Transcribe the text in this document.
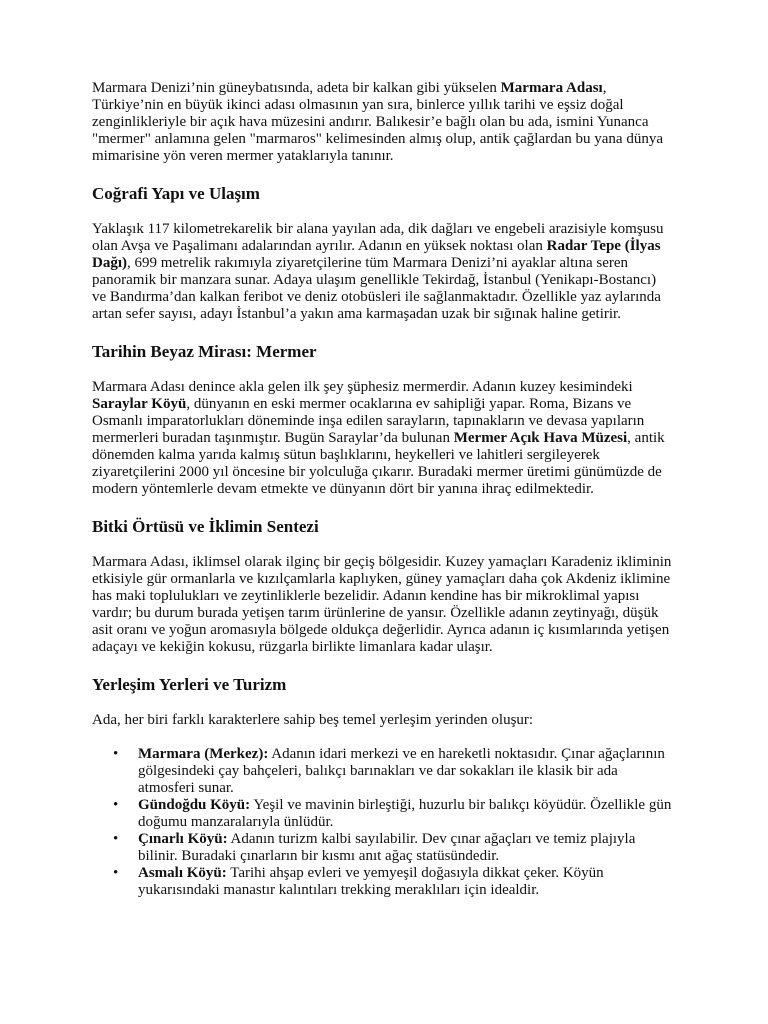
Marmara Denizi’nin güneybatısında, adeta bir kalkan gibi yükselen Marmara Adası, Türkiye’nin en büyük ikinci adası olmasının yan sıra, binlerce yıllık tarihi ve eşsiz doğal zenginlikleriyle bir açık hava müzesini andırır. Balıkesir’e bağlı olan bu ada, ismini Yunanca "mermer" anlamına gelen "marmaros" kelimesinden almış olup, antik çağlardan bu yana dünya mimarisine yön veren mermer yataklarıyla tanınır.

Coğrafi Yapı ve Ulaşım

Yaklaşık 117 kilometrekarelik bir alana yayılan ada, dik dağları ve engebeli arazisiyle komşusu olan Avşa ve Paşalimanı adalarından ayrılır. Adanın en yüksek noktası olan Radar Tepe (İlyas Dağı), 699 metrelik rakımıyla ziyaretçilerine tüm Marmara Denizi’ni ayaklar altına seren panoramik bir manzara sunar. Adaya ulaşım genellikle Tekirdağ, İstanbul (Yenikapı-Bostancı) ve Bandırma’dan kalkan feribot ve deniz otobüsleri ile sağlanmaktadır. Özellikle yaz aylarında artan sefer sayısı, adayı İstanbul’a yakın ama karmaşadan uzak bir sığınak haline getirir.

Tarihin Beyaz Mirası: Mermer

Marmara Adası denince akla gelen ilk şey şüphesiz mermerdir. Adanın kuzey kesimindeki Saraylar Köyü, dünyanın en eski mermer ocaklarına ev sahipliği yapar. Roma, Bizans ve Osmanlı imparatorlukları döneminde inşa edilen sarayların, tapınakların ve devasa yapıların mermerleri buradan taşınmıştır. Bugün Saraylar’da bulunan Mermer Açık Hava Müzesi, antik dönemden kalma yarıda kalmış sütun başlıklarını, heykelleri ve lahitleri sergileyerek ziyaretçilerini 2000 yıl öncesine bir yolculuğa çıkarır. Buradaki mermer üretimi günümüzde de modern yöntemlerle devam etmekte ve dünyanın dört bir yanına ihraç edilmektedir.

Bitki Örtüsü ve İklimin Sentezi

Marmara Adası, iklimsel olarak ilginç bir geçiş bölgesidir. Kuzey yamaçları Karadeniz ikliminin etkisiyle gür ormanlarla ve kızılçamlarla kaplıyken, güney yamaçları daha çok Akdeniz iklimine has maki toplulukları ve zeytinliklerle bezelidir. Adanın kendine has bir mikroklimal yapısı vardır; bu durum burada yetişen tarım ürünlerine de yansır. Özellikle adanın zeytinyağı, düşük asit oranı ve yoğun aromasıyla bölgede oldukça değerlidir. Ayrıca adanın iç kısımlarında yetişen adaçayı ve kekiğin kokusu, rüzgarla birlikte limanlara kadar ulaşır.

Yerleşim Yerleri ve Turizm

Ada, her biri farklı karakterlere sahip beş temel yerleşim yerinden oluşur:

• Marmara (Merkez): Adanın idari merkezi ve en hareketli noktasıdır. Çınar ağaçlarının gölgesindeki çay bahçeleri, balıkçı barınakları ve dar sokakları ile klasik bir ada atmosferi sunar.
• Gündoğdu Köyü: Yeşil ve mavinin birleştiği, huzurlu bir balıkçı köyüdür. Özellikle gün doğumu manzaralarıyla ünlüdür.
• Çınarlı Köyü: Adanın turizm kalbi sayılabilir. Dev çınar ağaçları ve temiz plajıyla bilinir. Buradaki çınarların bir kısmı anıt ağaç statüsündedir.
• Asmalı Köyü: Tarihi ahşap evleri ve yemyeşil doğasıyla dikkat çeker. Köyün yukarısındaki manastır kalıntıları trekking meraklıları için idealdir.
